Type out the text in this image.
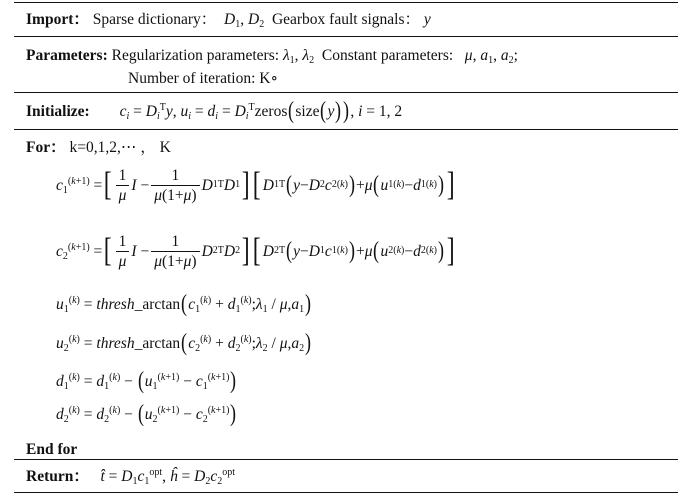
Import： Sparse dictionary： $D_1$, $D_2$ Gearbox fault signals： y
Parameters: Regularization parameters: $\lambda_1$, $\lambda_2$ Constant parameters: μ, $a_1$, $a_2$;
Number of iteration: K∘
Initialize: $c_i = D_i^Ty$, $u_i = d_i$ = $D_i^Tzeros(size(y))$, i = 1, 2
For： k=0,1,2,⋯ ， K
$c_1^{(k+1)}$ = [ $\frac{1}{\mu}$ $I - \frac{1}{\mu(1+\mu)}$ D 1 T D 1 ] [ D 1 T ( y − D 2 c 2 (k) ) + μ ( u 1 (k) − d 1 (k) ) ]
$c_2^{(k+1)}$ = [ $\frac{1}{\mu}$ $I - \frac{1}{\mu(1+\mu)}$ D 2 T D 2 ] [ D 2 T ( y − D 1 c 1 (k) ) + μ ( u 2 (k) − d 2 (k) ) ]
$u_1^{(k)}$ = $thresh\_\arctan(c_1^{(k)}$ + $d_1^{(k)};\lambda_1 / \mu,a_1$)
$u_2^{(k)}$ = $thresh\_\arctan(c_2^{(k)}$ + $d_2^{(k)};\lambda_2 / \mu,a_2$)
$d_1^{(k)} = d_1^{(k)} - (u_1^{(k+1)} - c_1^{(k+1)})$
$d_2^{(k)} = d_2^{(k)} - (u_2^{(k+1)} - c_2^{(k+1)})$
End for
Return： t̂ = $D_1c_1^{opt}$, ĥ = $D_2c_2^{opt}$
